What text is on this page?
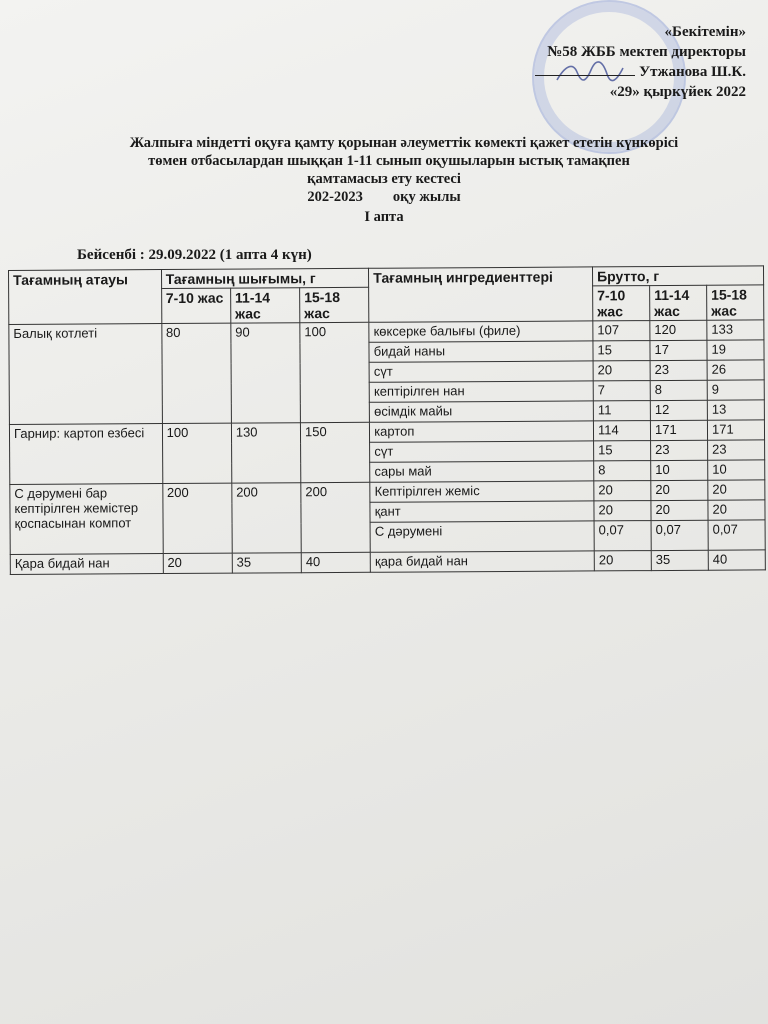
«Бекітемін»
№58 ЖББ мектеп директоры
Утжанова Ш.К.
«29» қыркүйек 2022
Жалпыға міндетті оқуға қамту қорынан әлеуметтік көмекті қажет ететін күнкөрісі
төмен отбасылардан шыққан 1-11 сынып оқушыларын ыстық тамақпен
қамтамасыз ету кестесі
202-2023 оқу жылы
І апта
Бейсенбі : 29.09.2022 (1 апта 4 күн)
Тағамның атауы	Тағамның шығымы, г			Тағамның ингредиенттері	Брутто, г		
	7-10 жас	11-14 жас	15-18 жас		7-10 жас	11-14 жас	15-18 жас
Балық котлеті	80	90	100	көксерке балығы (филе)	107	120	133
				бидай наны	15	17	19
				сүт	20	23	26
				кептірілген нан	7	8	9
				өсімдік майы	11	12	13
Гарнир: картоп езбесі	100	130	150	картоп	114	171	171
				сүт	15	23	23
				сары май	8	10	10
С дәрумені бар кептірілген жемістер қоспасынан компот	200	200	200	Кептірілген жеміс	20	20	20
				қант	20	20	20
				С дәрумені	0,07	0,07	0,07
Қара бидай нан	20	35	40	қара бидай нан	20	35	40
